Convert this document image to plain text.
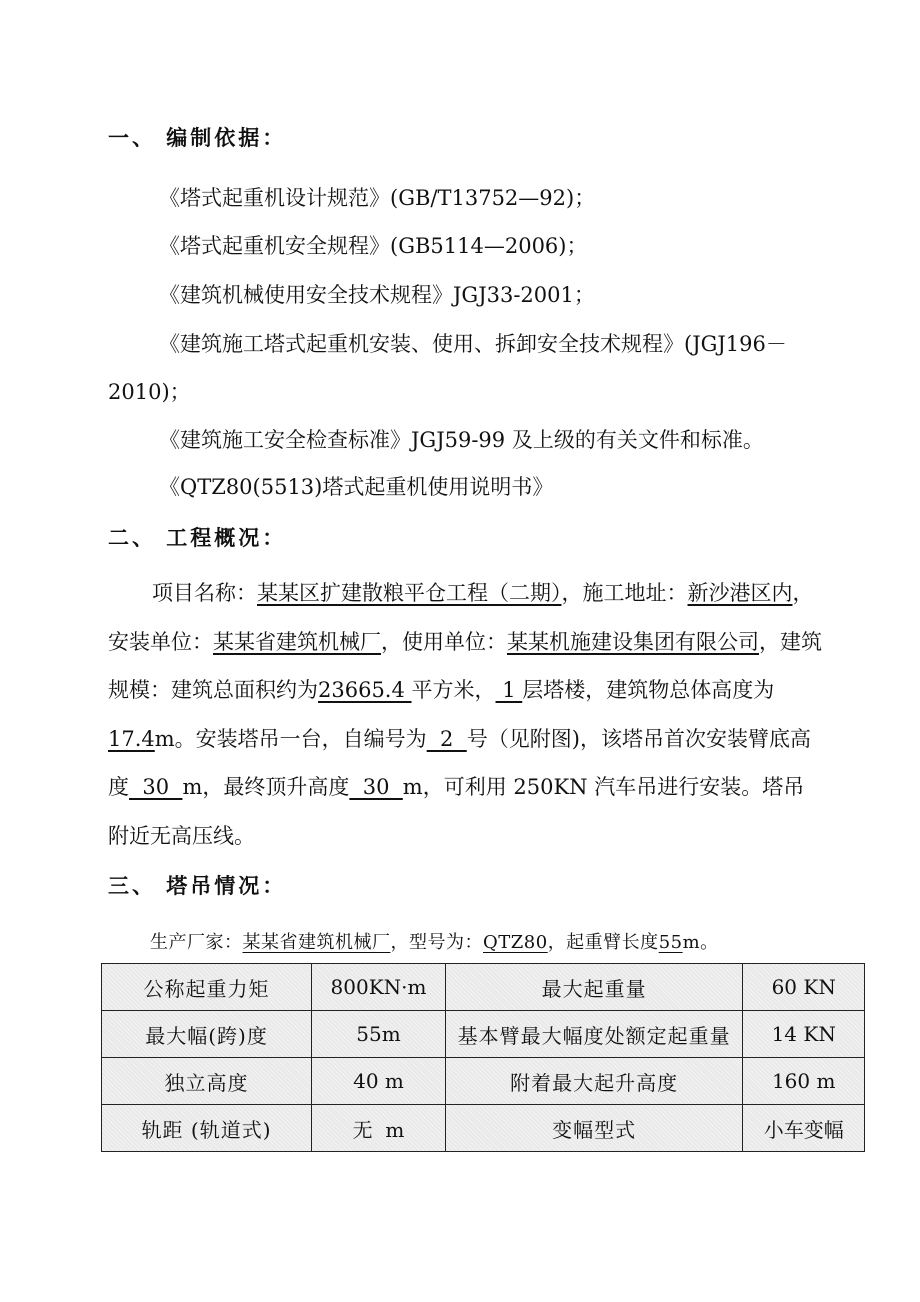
一、 编制依据：
《塔式起重机设计规范》(GB/T13752—92)；
《塔式起重机安全规程》(GB5114—2006)；
《建筑机械使用安全技术规程》JGJ33-2001；
《建筑施工塔式起重机安装、使用、拆卸安全技术规程》(JGJ196－
2010)；
《建筑施工安全检查标准》JGJ59-99 及上级的有关文件和标准。
《QTZ80(5513)塔式起重机使用说明书》
二、 工程概况：
项目名称：某某区扩建散粮平仓工程（二期），施工地址：新沙港区内，安装单位：某某省建筑机械厂，使用单位：某某机施建设集团有限公司，建筑规模：建筑总面积约为23665.4 平方米， 1 层塔楼，建筑物总体高度为17.4m。安装塔吊一台，自编号为  2  号（见附图)，该塔吊首次安装臂底高度  30  m，最终顶升高度  30  m，可利用 250KN 汽车吊进行安装。塔吊附近无高压线。
三、 塔吊情况：
生产厂家：某某省建筑机械厂，型号为：QTZ80，起重臂长度55m。
公称起重力矩	800KN·m	最大起重量	60 KN
最大幅(跨)度	55m	基本臂最大幅度处额定起重量	14 KN
独立高度	40 m	附着最大起升高度	160 m
轨距 (轨道式)	无  m	变幅型式	小车变幅
